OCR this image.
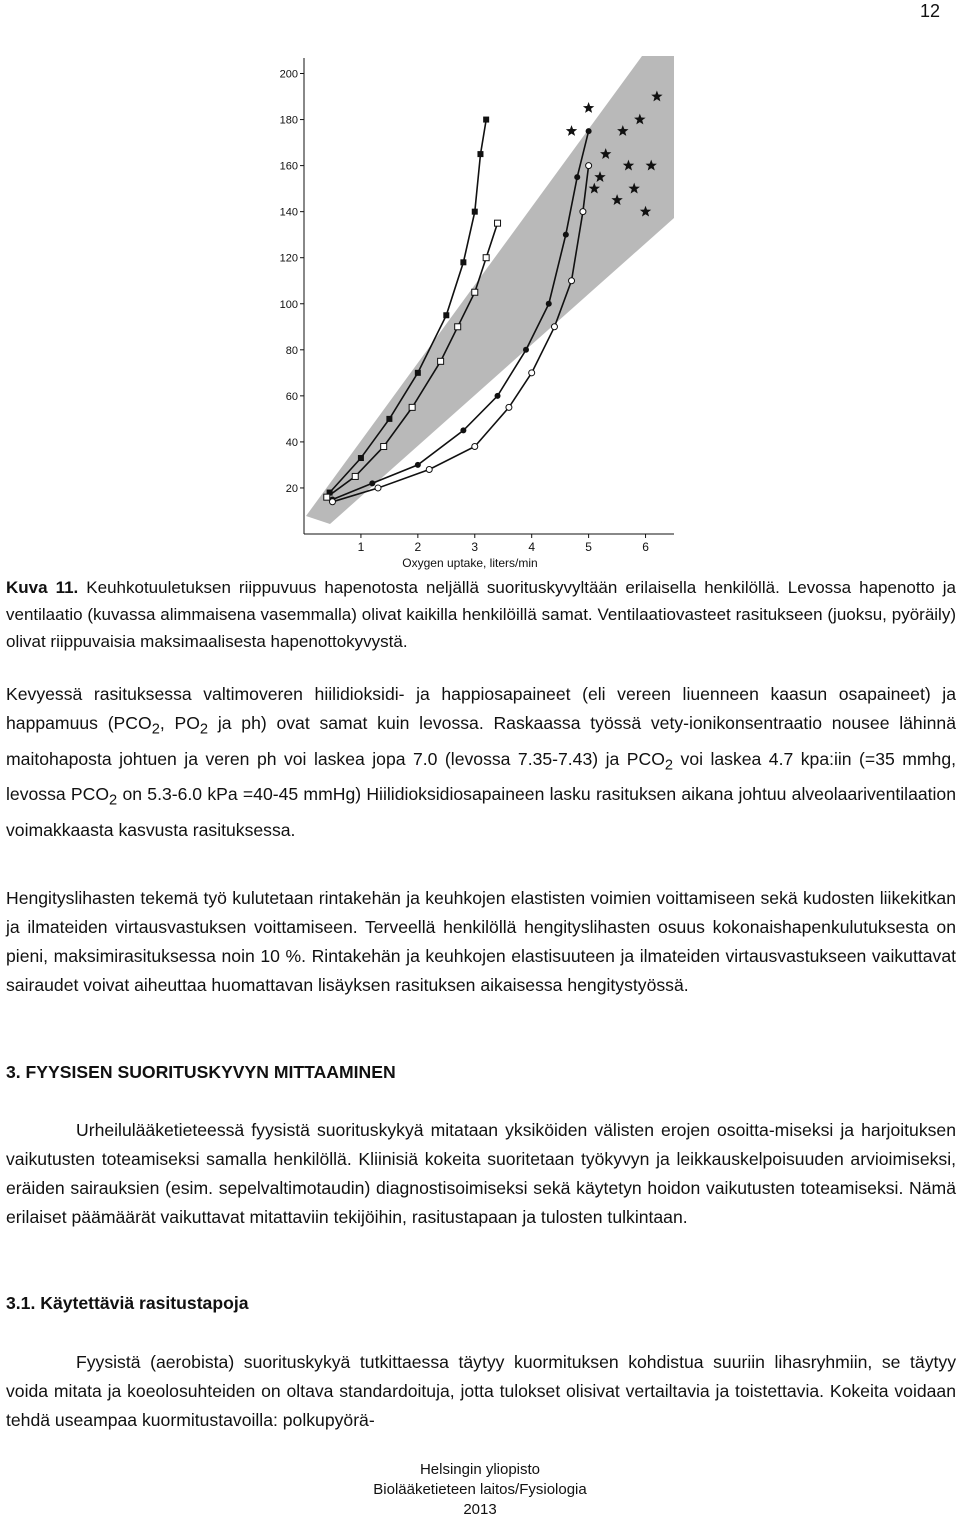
12
20
40
60
80
100
120
140
160
180
200
1	2	3	4	5	6
Oxygen uptake, liters/min
Kuva 11. Keuhkotuuletuksen riippuvuus hapenotosta neljällä suorituskyvyltään erilaisella henkilöllä. Levossa hapenotto ja ventilaatio (kuvassa alimmaisena vasemmalla) olivat kaikilla henkilöillä samat. Ventilaatiovasteet rasitukseen (juoksu, pyöräily) olivat riippuvaisia maksimaalisesta hapenottokyvystä.

Kevyessä rasituksessa valtimoveren hiilidioksidi- ja happiosapaineet (eli vereen liuenneen kaasun osapaineet) ja happamuus ($PCO_2$, $PO_2$ ja ph) ovat samat kuin levossa. Raskaassa työssä vety-ionikonsentraatio nousee lähinnä maitohaposta johtuen ja veren ph voi laskea jopa 7.0 (levossa 7.35-7.43) ja $PCO_2$ voi laskea 4.7 kpa:iin (=35 mmhg, levossa $PCO_2$ on 5.3-6.0 kPa =40-45 mmHg) Hiilidioksidiosapaineen lasku rasituksen aikana johtuu alveolaariventilaation voimakkaasta kasvusta rasituksessa.

Hengityslihasten tekemä työ kulutetaan rintakehän ja keuhkojen elastisten voimien voittamiseen sekä kudosten liikekitkan ja ilmateiden virtausvastuksen voittamiseen. Terveellä henkilöllä hengityslihasten osuus kokonaishapenkulutuksesta on pieni, maksimirasituksessa noin 10 %. Rintakehän ja keuhkojen elastisuuteen ja ilmateiden virtausvastukseen vaikuttavat sairaudet voivat aiheuttaa huomattavan lisäyksen rasituksen aikaisessa hengitystyössä.

3. FYYSISEN SUORITUSKYVYN MITTAAMINEN

Urheilulääketieteessä fyysistä suorituskykyä mitataan yksiköiden välisten erojen osoitta-miseksi ja harjoituksen vaikutusten toteamiseksi samalla henkilöllä. Kliinisiä kokeita suoritetaan työkyvyn ja leikkauskelpoisuuden arvioimiseksi, eräiden sairauksien (esim. sepelvaltimotaudin) diagnostisoimiseksi sekä käytetyn hoidon vaikutusten toteamiseksi. Nämä erilaiset päämäärät vaikuttavat mitattaviin tekijöihin, rasitustapaan ja tulosten tulkintaan.

3.1. Käytettäviä rasitustapoja

Fyysistä (aerobista) suorituskykyä tutkittaessa täytyy kuormituksen kohdistua suuriin lihasryhmiin, se täytyy voida mitata ja koeolosuhteiden on oltava standardoituja, jotta tulokset olisivat vertailtavia ja toistettavia. Kokeita voidaan tehdä useampaa kuormitustavoilla: polkupyörä-

Helsingin yliopisto
Biolääketieteen laitos/Fysiologia
2013
